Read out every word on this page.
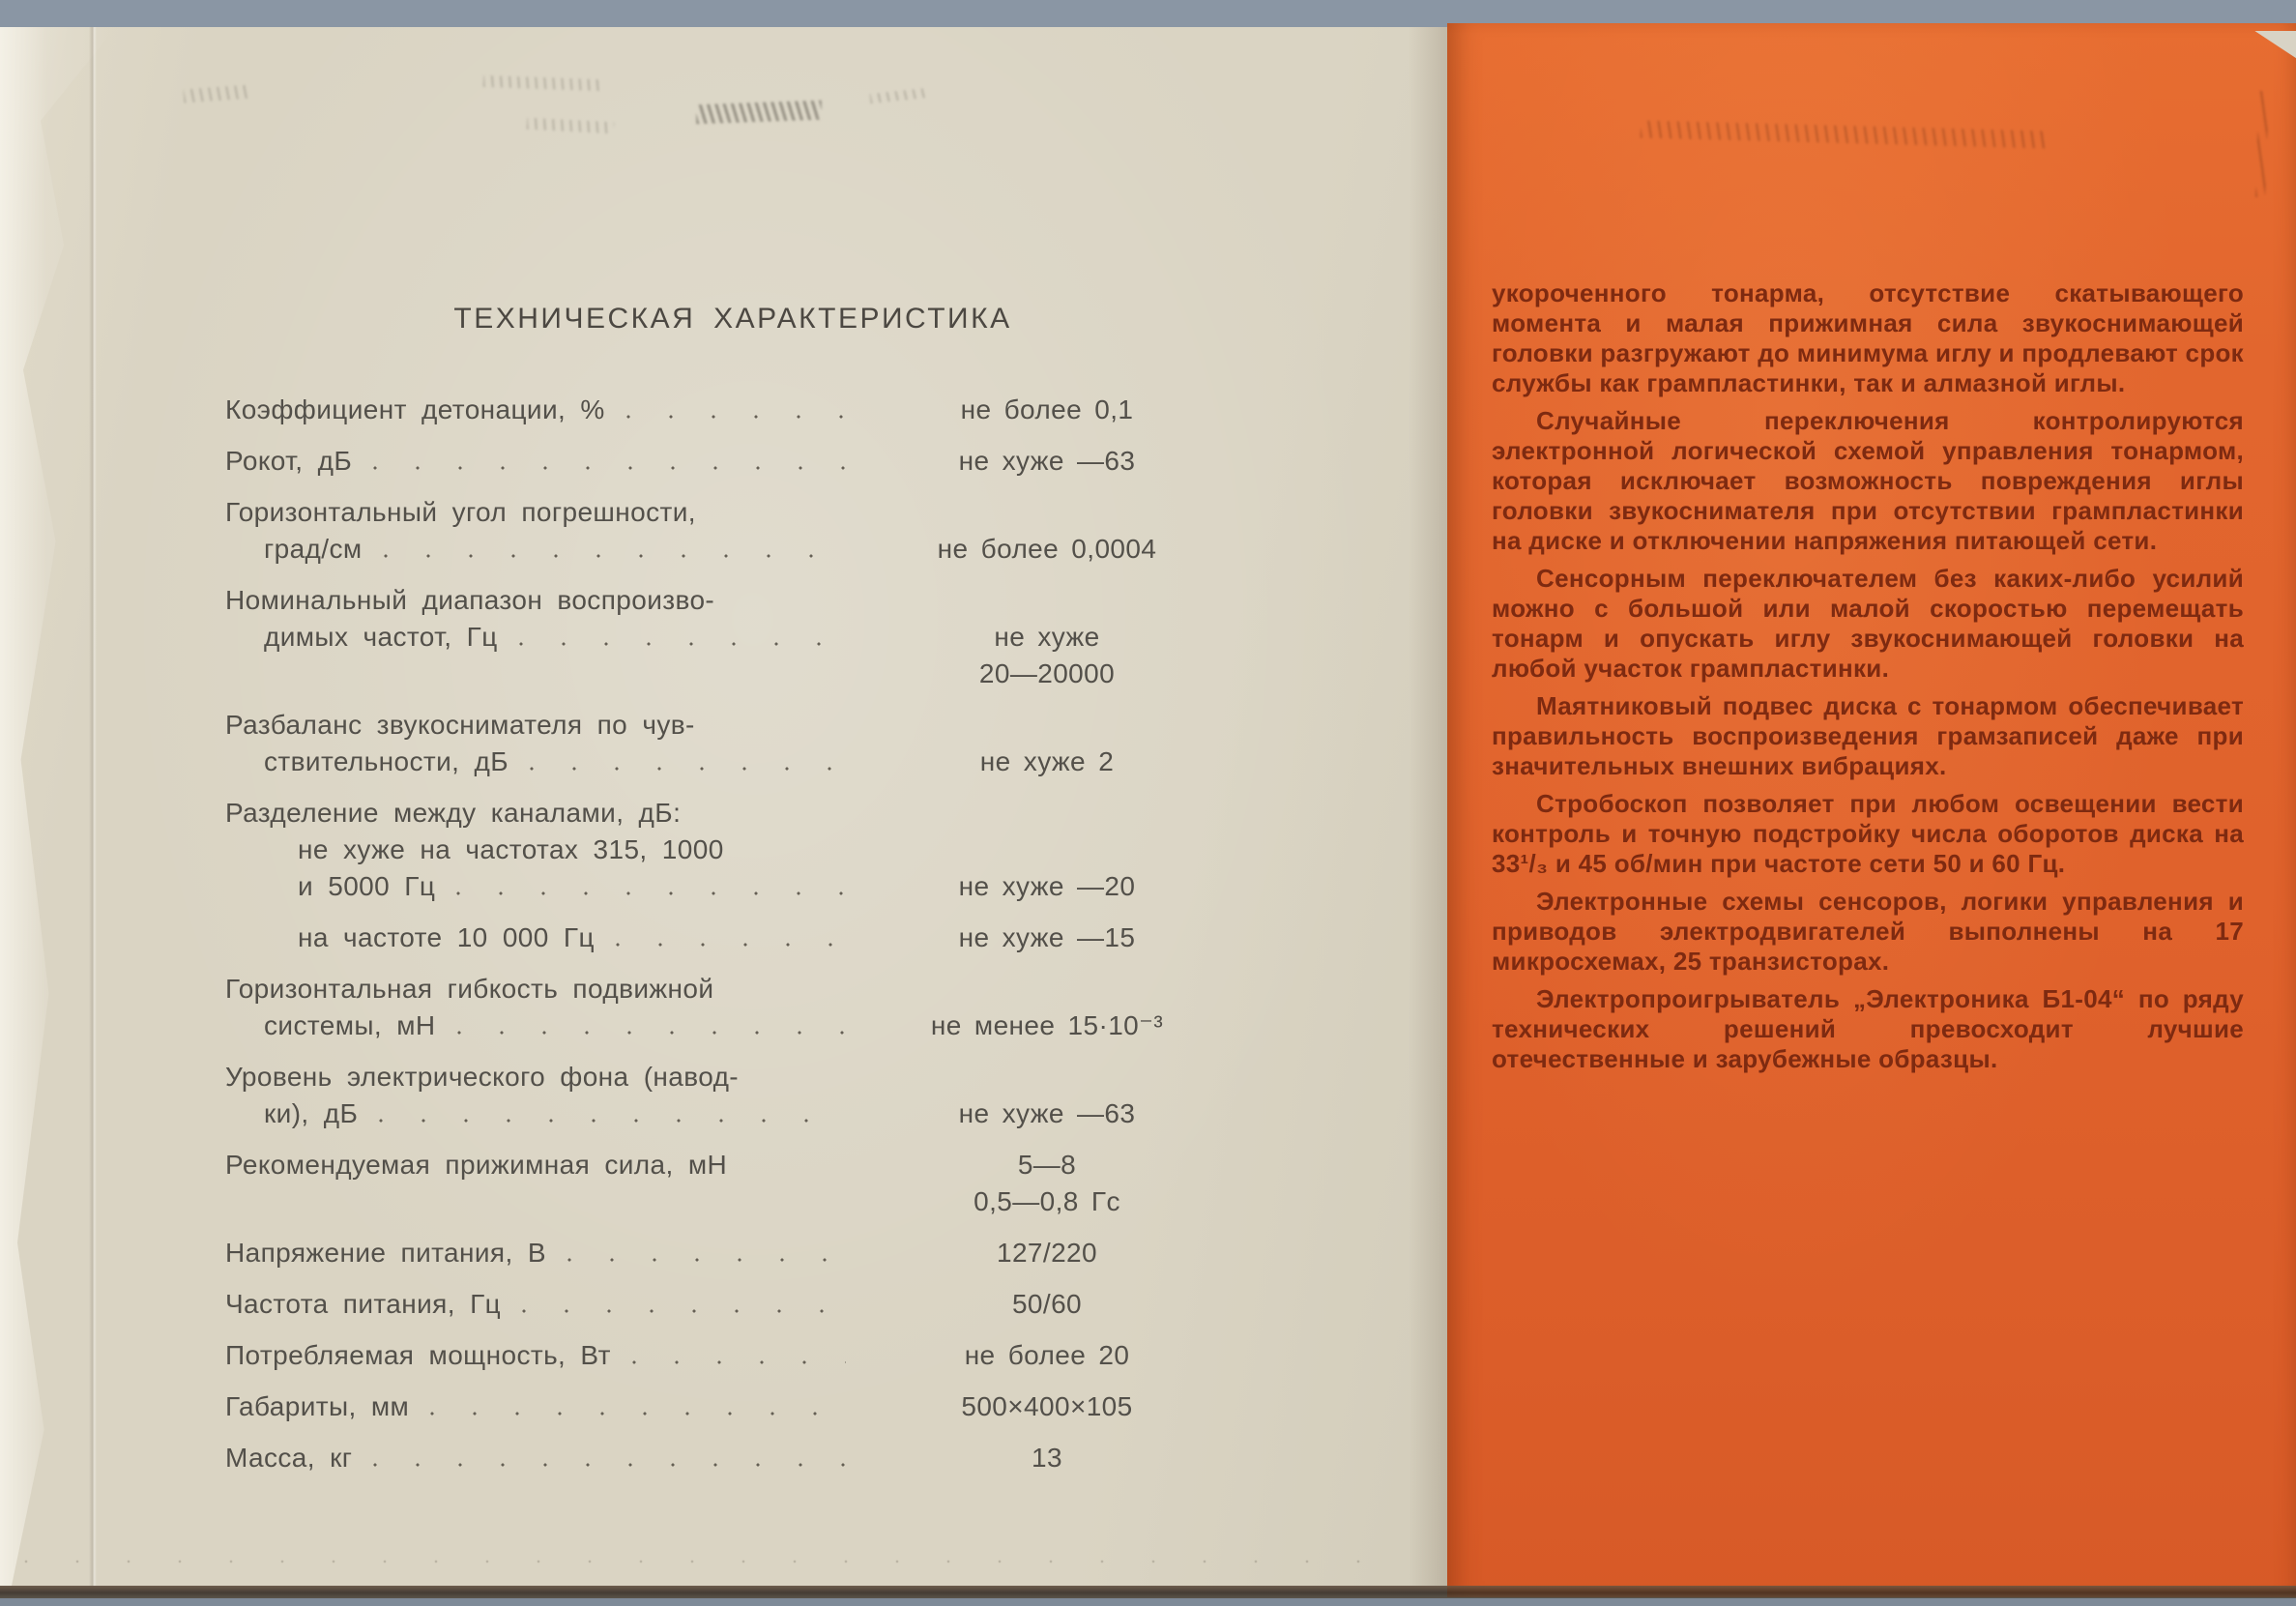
ТЕХНИЧЕСКАЯ ХАРАКТЕРИСТИКА
Коэффициент детонации, %	не более 0,1
Рокот, дБ	не хуже —63
Горизонтальный угол погрешности,
град/см	не более 0,0004
Номинальный диапазон воспроизво-
димых частот, Гц	не хуже
20—20000
Разбаланс звукоснимателя по чув-
ствительности, дБ	не хуже 2
Разделение между каналами, дБ:
не хуже на частотах 315, 1000
и 5000 Гц	не хуже —20
на частоте 10 000 Гц	не хуже —15
Горизонтальная гибкость подвижной
системы, мН	не менее 15·10⁻³
Уровень электрического фона (навод-
ки), дБ	не хуже —63
Рекомендуемая прижимная сила, мН	5—8
0,5—0,8 Гс
Напряжение питания, В	127/220
Частота питания, Гц	50/60
Потребляемая мощность, Вт	не более 20
Габариты, мм	500×400×105
Масса, кг	13

укороченного тонарма, отсутствие скатывающего момента и малая прижимная сила звукоснимающей головки разгружают до минимума иглу и продлевают срок службы как грампластинки, так и алмазной иглы.

Случайные переключения контролируются электронной логической схемой управления тонармом, которая исключает возможность повреждения иглы головки звукоснимателя при отсутствии грампластинки на диске и отключении напряжения питающей сети.

Сенсорным переключателем без каких-либо усилий можно с большой или малой скоростью перемещать тонарм и опускать иглу звукоснимающей головки на любой участок грампластинки.

Маятниковый подвес диска с тонармом обеспечивает правильность воспроизведения грамзаписей даже при значительных внешних вибрациях.

Стробоскоп позволяет при любом освещении вести контроль и точную подстройку числа оборотов диска на 33¹/₃ и 45 об/мин при частоте сети 50 и 60 Гц.

Электронные схемы сенсоров, логики управления и приводов электродвигателей выполнены на 17 микросхемах, 25 транзисторах.

Электропроигрыватель „Электроника Б1-04“ по ряду технических решений превосходит лучшие отечественные и зарубежные образцы.
